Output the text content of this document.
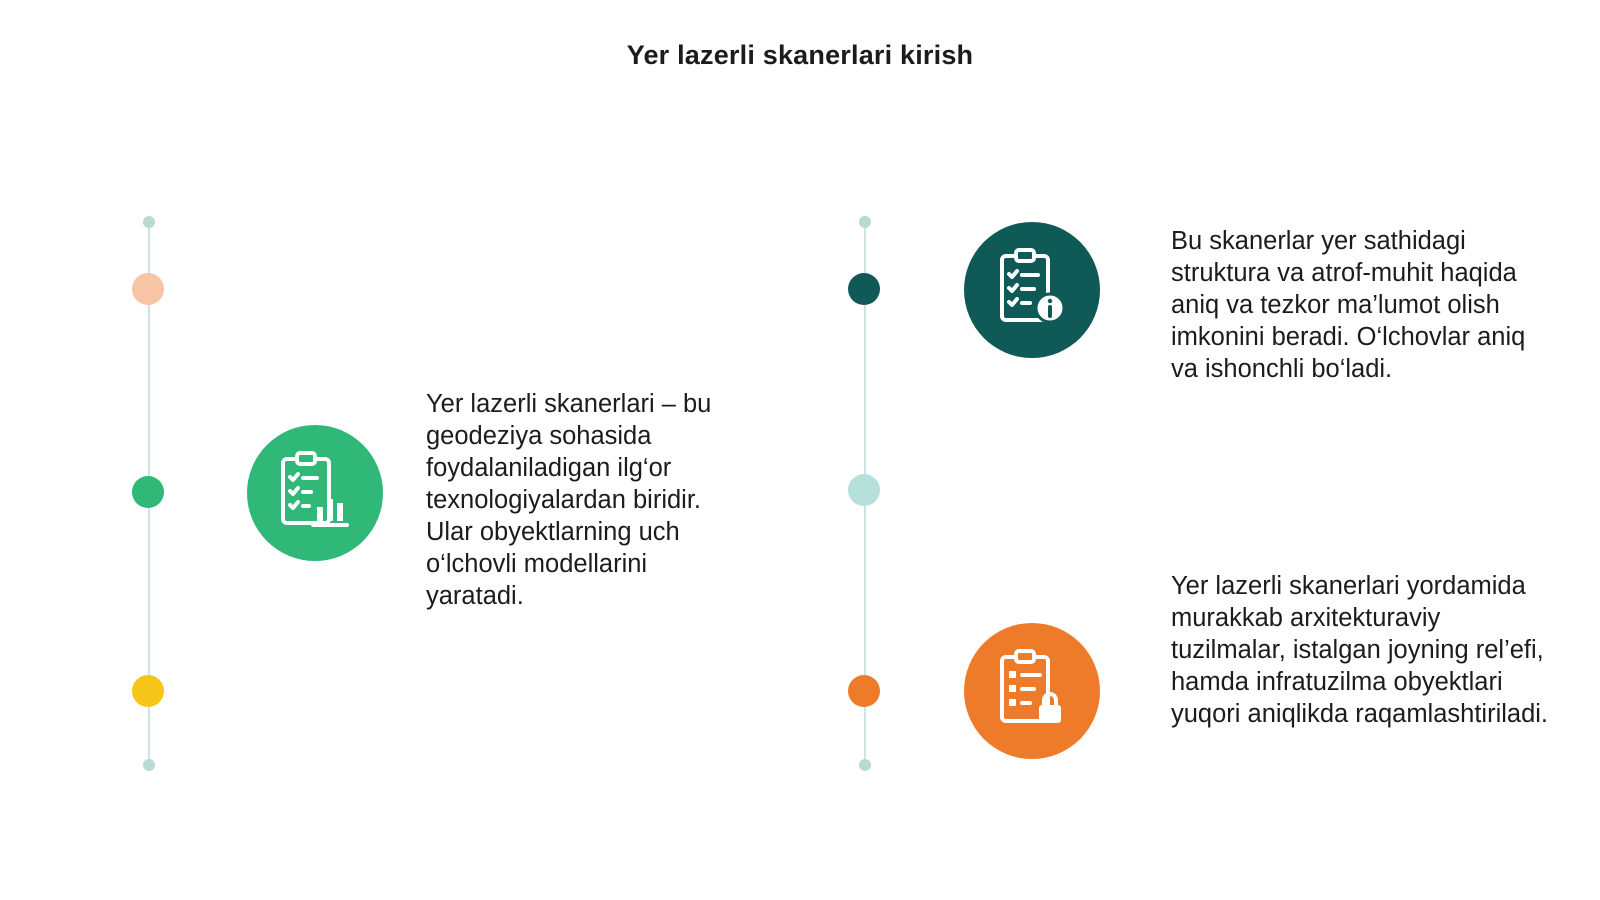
Yer lazerli skanerlari kirish
Yer lazerli skanerlari – bu geodeziya sohasida foydalaniladigan ilg‘or texnologiyalardan biridir. Ular obyektlarning uch o‘lchovli modellarini yaratadi.
Bu skanerlar yer sathidagi struktura va atrof-muhit haqida aniq va tezkor ma’lumot olish imkonini beradi. O‘lchovlar aniq va ishonchli bo‘ladi.
Yer lazerli skanerlari yordamida murakkab arxitekturaviy tuzilmalar, istalgan joyning rel’efi, hamda infratuzilma obyektlari yuqori aniqlikda raqamlashtiriladi.
